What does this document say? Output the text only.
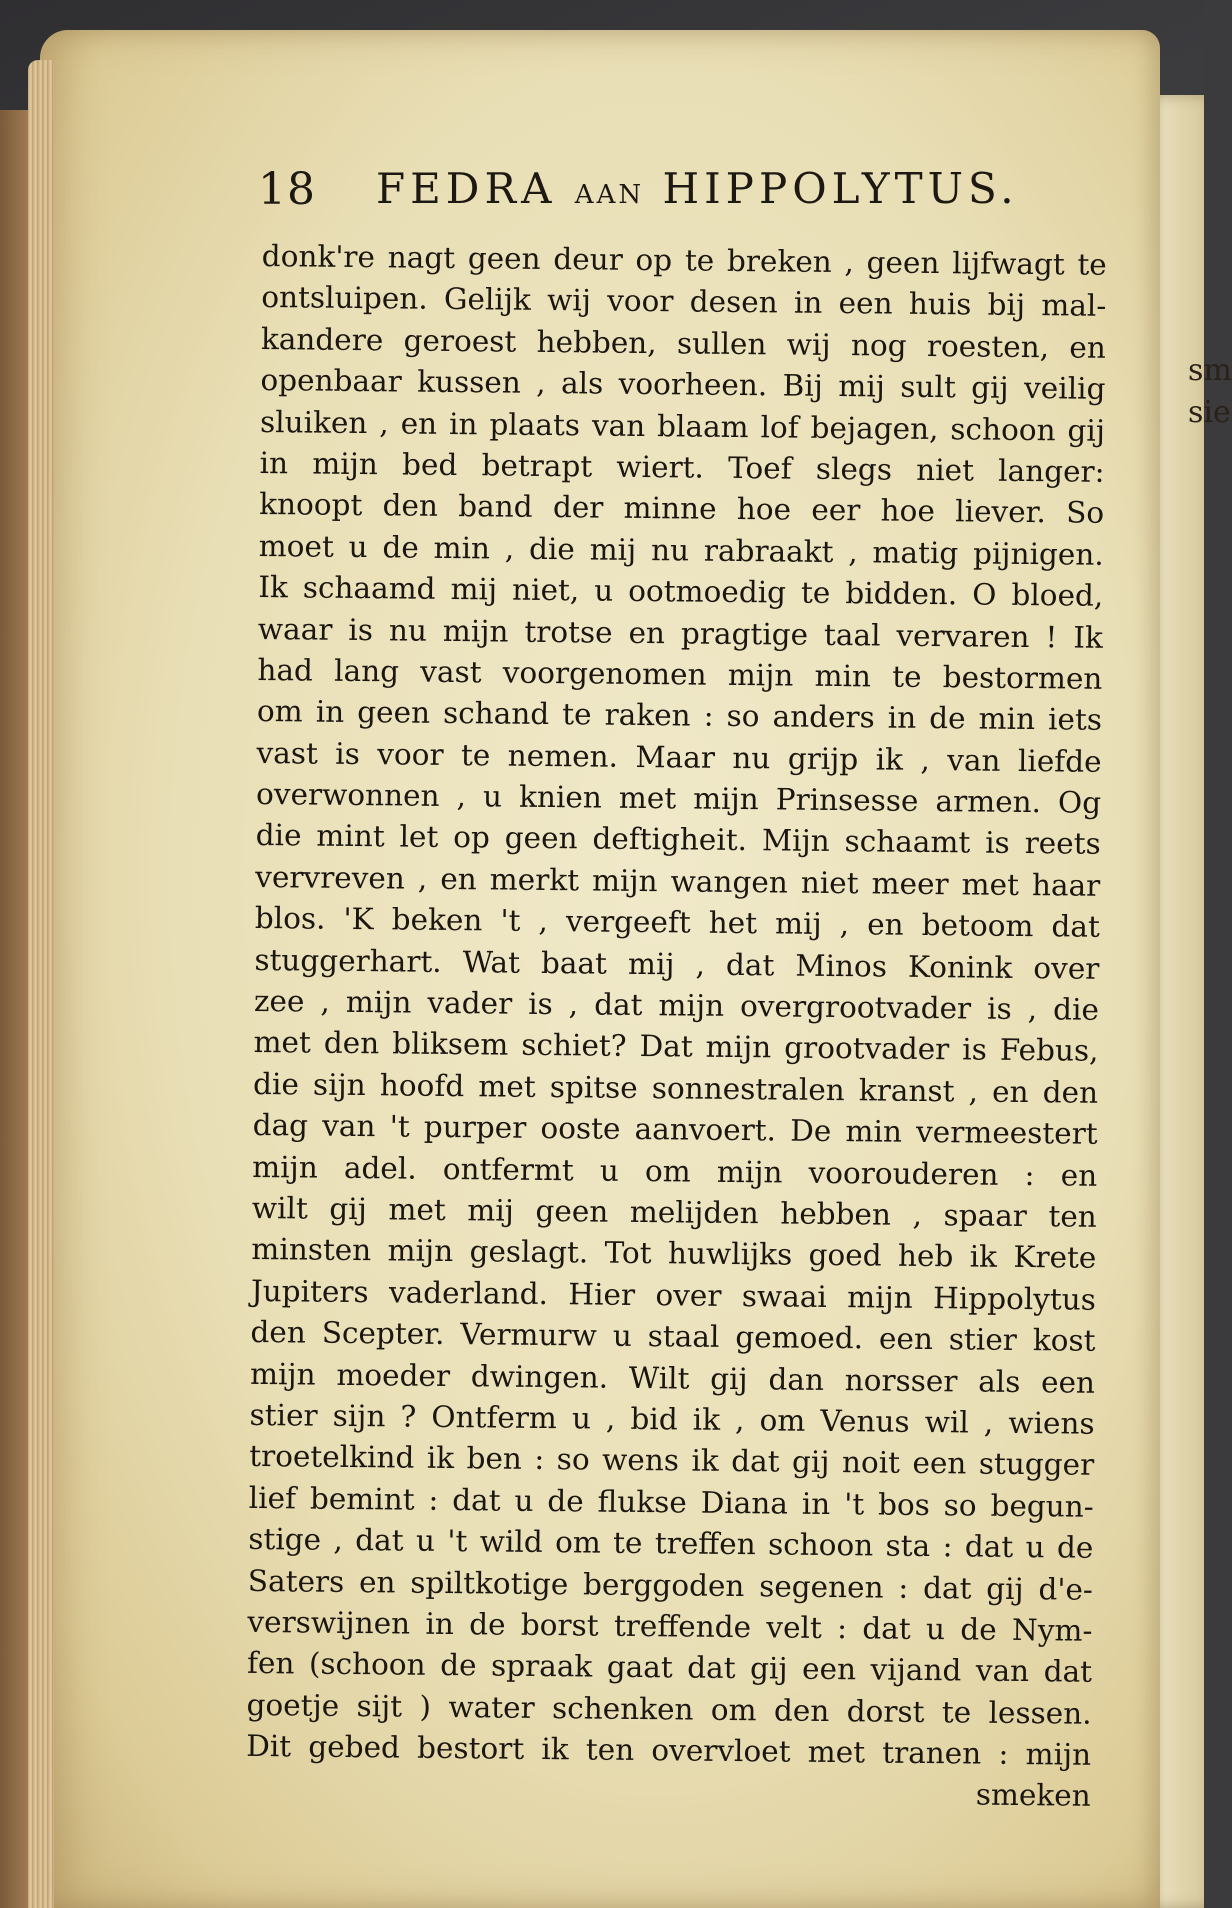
sm
sie
18 FEDRA AAN HIPPOLYTUS.
donk're nagt geen deur op te breken , geen lijfwagt te
ontsluipen. Gelijk wij voor desen in een huis bij mal-
kandere geroest hebben, sullen wij nog roesten, en
openbaar kussen , als voorheen. Bij mij sult gij veilig
sluiken , en in plaats van blaam lof bejagen, schoon gij
in mijn bed betrapt wiert. Toef slegs niet langer:
knoopt den band der minne hoe eer hoe liever. So
moet u de min , die mij nu rabraakt , matig pijnigen.
Ik schaamd mij niet, u ootmoedig te bidden. O bloed,
waar is nu mijn trotse en pragtige taal vervaren ! Ik
had lang vast voorgenomen mijn min te bestormen
om in geen schand te raken : so anders in de min iets
vast is voor te nemen. Maar nu grijp ik , van liefde
overwonnen , u knien met mijn Prinsesse armen. Og
die mint let op geen deftigheit. Mijn schaamt is reets
vervreven , en merkt mijn wangen niet meer met haar
blos. 'K beken 't , vergeeft het mij , en betoom dat
stuggerhart. Wat baat mij , dat Minos Konink over
zee , mijn vader is , dat mijn overgrootvader is , die
met den bliksem schiet? Dat mijn grootvader is Febus,
die sijn hoofd met spitse sonnestralen kranst , en den
dag van 't purper ooste aanvoert. De min vermeestert
mijn adel. ontfermt u om mijn voorouderen : en
wilt gij met mij geen melijden hebben , spaar ten
minsten mijn geslagt. Tot huwlijks goed heb ik Krete
Jupiters vaderland. Hier over swaai mijn Hippolytus
den Scepter. Vermurw u staal gemoed. een stier kost
mijn moeder dwingen. Wilt gij dan norsser als een
stier sijn ? Ontferm u , bid ik , om Venus wil , wiens
troetelkind ik ben : so wens ik dat gij noit een stugger
lief bemint : dat u de flukse Diana in 't bos so begun-
stige , dat u 't wild om te treffen schoon sta : dat u de
Saters en spiltkotige berggoden segenen : dat gij d'e-
verswijnen in de borst treffende velt : dat u de Nym-
fen (schoon de spraak gaat dat gij een vijand van dat
goetje sijt ) water schenken om den dorst te lessen.
Dit gebed bestort ik ten overvloet met tranen : mijn
smeken
